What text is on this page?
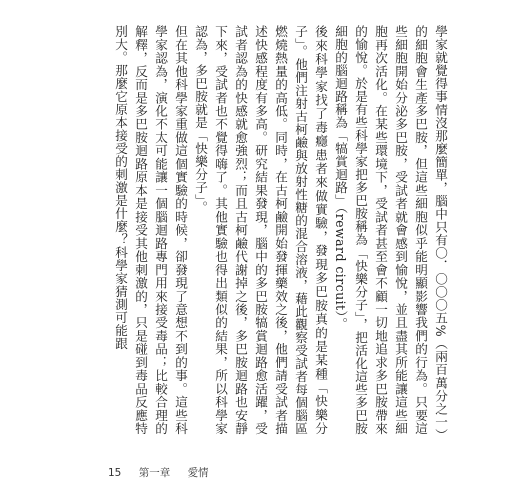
學家就覺得事情沒那麼簡單，腦中只有〇．〇〇〇五%（兩百萬分之一）的細胞會生產多巴胺，但這些細胞似乎能明顯影響我們的行為。只要這些細胞開始分泌多巴胺，受試者就會感到愉悅，並且盡其所能讓這些細胞再次活化。在某些環境下，受試者甚至會不顧一切地追求多巴胺帶來的愉悅。於是有些科學家把多巴胺稱為「快樂分子」，把活化這些多巴胺細胞的腦迴路稱為「犒賞迴路」（reward circuit）。

後來科學家找了毒癮患者來做實驗，發現多巴胺真的是某種「快樂分子」。他們注射古柯鹼與放射性糖的混合溶液，藉此觀察受試者每個腦區燃燒熱量的高低。同時，在古柯鹼開始發揮藥效之後，他們請受試者描述快感程度有多高。研究結果發現，腦中的多巴胺犒賞迴路愈活躍，受試者認為的快感就愈強烈；而且古柯鹼代謝掉之後，多巴胺迴路也安靜下來，受試者也不覺得嗨了。其他實驗也得出類似的結果，所以科學家認為，多巴胺就是「快樂分子」。

但在其他科學家重做這個實驗的時候，卻發現了意想不到的事。這些科學家認為，演化不太可能讓一個腦迴路專門用來接受毒品；比較合理的解釋，反而是多巴胺迴路原本是接受其他刺激的，只是碰到毒品反應特別大。那麼它原本接受的刺激是什麼？科學家猜測可能跟

15 第一章 愛情
